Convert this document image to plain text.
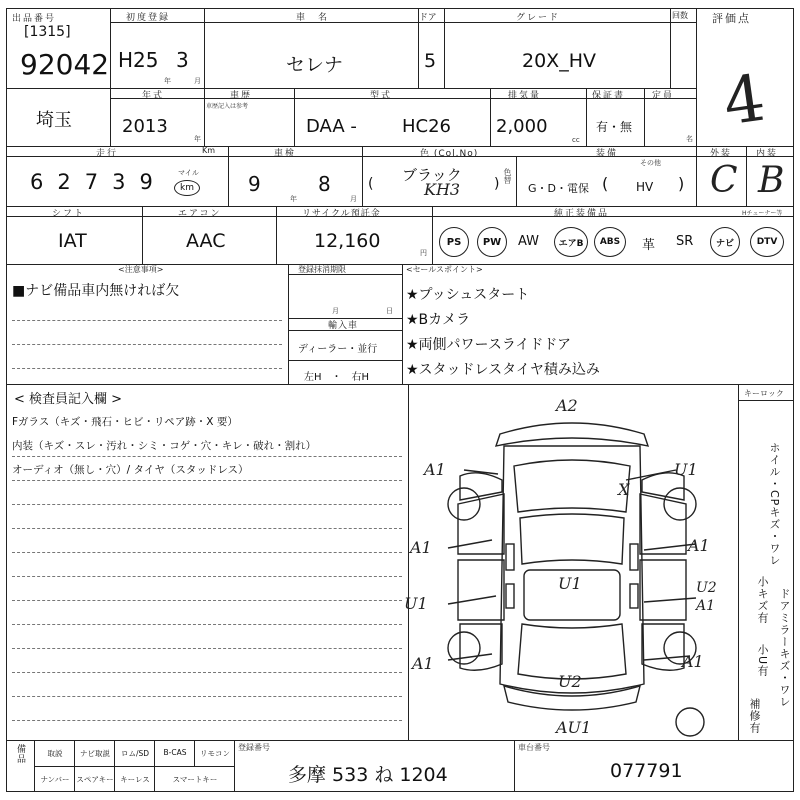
出品番号
[1315]
92042
初度登録
H25 3
年	月
車　名
セレナ
ドア
5
グレード
20X_HV
回数 評価点
4
埼玉
年式
2013
年
車歴
車歴記入は参考
型式
DAA -	HC26
排気量
2,000
cc
保証書
有・無
定員
名
走行	Km
62739 マイル
km
車検
9
年
8
月
色 (Col.No)
( ブラック
KH3 ) 色替
装備
G・D・電保 (
その他
HV )
外装
C
内装
B
シフト
IAT
エアコン
AAC
リサイクル預託金
12,160
円
純正装備品	Hチューナー等
PS	PW	AW	エアB	ABS	革 SR	ナビ	DTV
<注意事項>
■ナビ備品車内無ければ欠
登録抹消期限
月	日
輸入車
ディーラー・並行
左H　・　右H
<セールスポイント>
★プッシュスタート
★Bカメラ
★両側パワースライドドア
★スタッドレスタイヤ積み込み
< 検査員記入欄 >
Fガラス（キズ・飛石・ヒビ・リペア跡・X 要）
内装（キズ・スレ・汚れ・シミ・コゲ・穴・キレ・破れ・割れ）
オーディオ（無し・穴）/ タイヤ（スタッドレス）
A2
A1	U1
X
A1	A1
U1
U1
U2
A1
A1	A1
U2
AU1
キーロック
ホイル・CPキズ・ワレ
ドアミラーキズ・ワレ
小キズ有
小U有
補修有
備品	取説	ナビ取説	ロム/SD	B-CAS	リモコン
ナンバー スペアキー キーレス	スマートキー
登録番号
多摩 533 ね 1204
車台番号
077791
